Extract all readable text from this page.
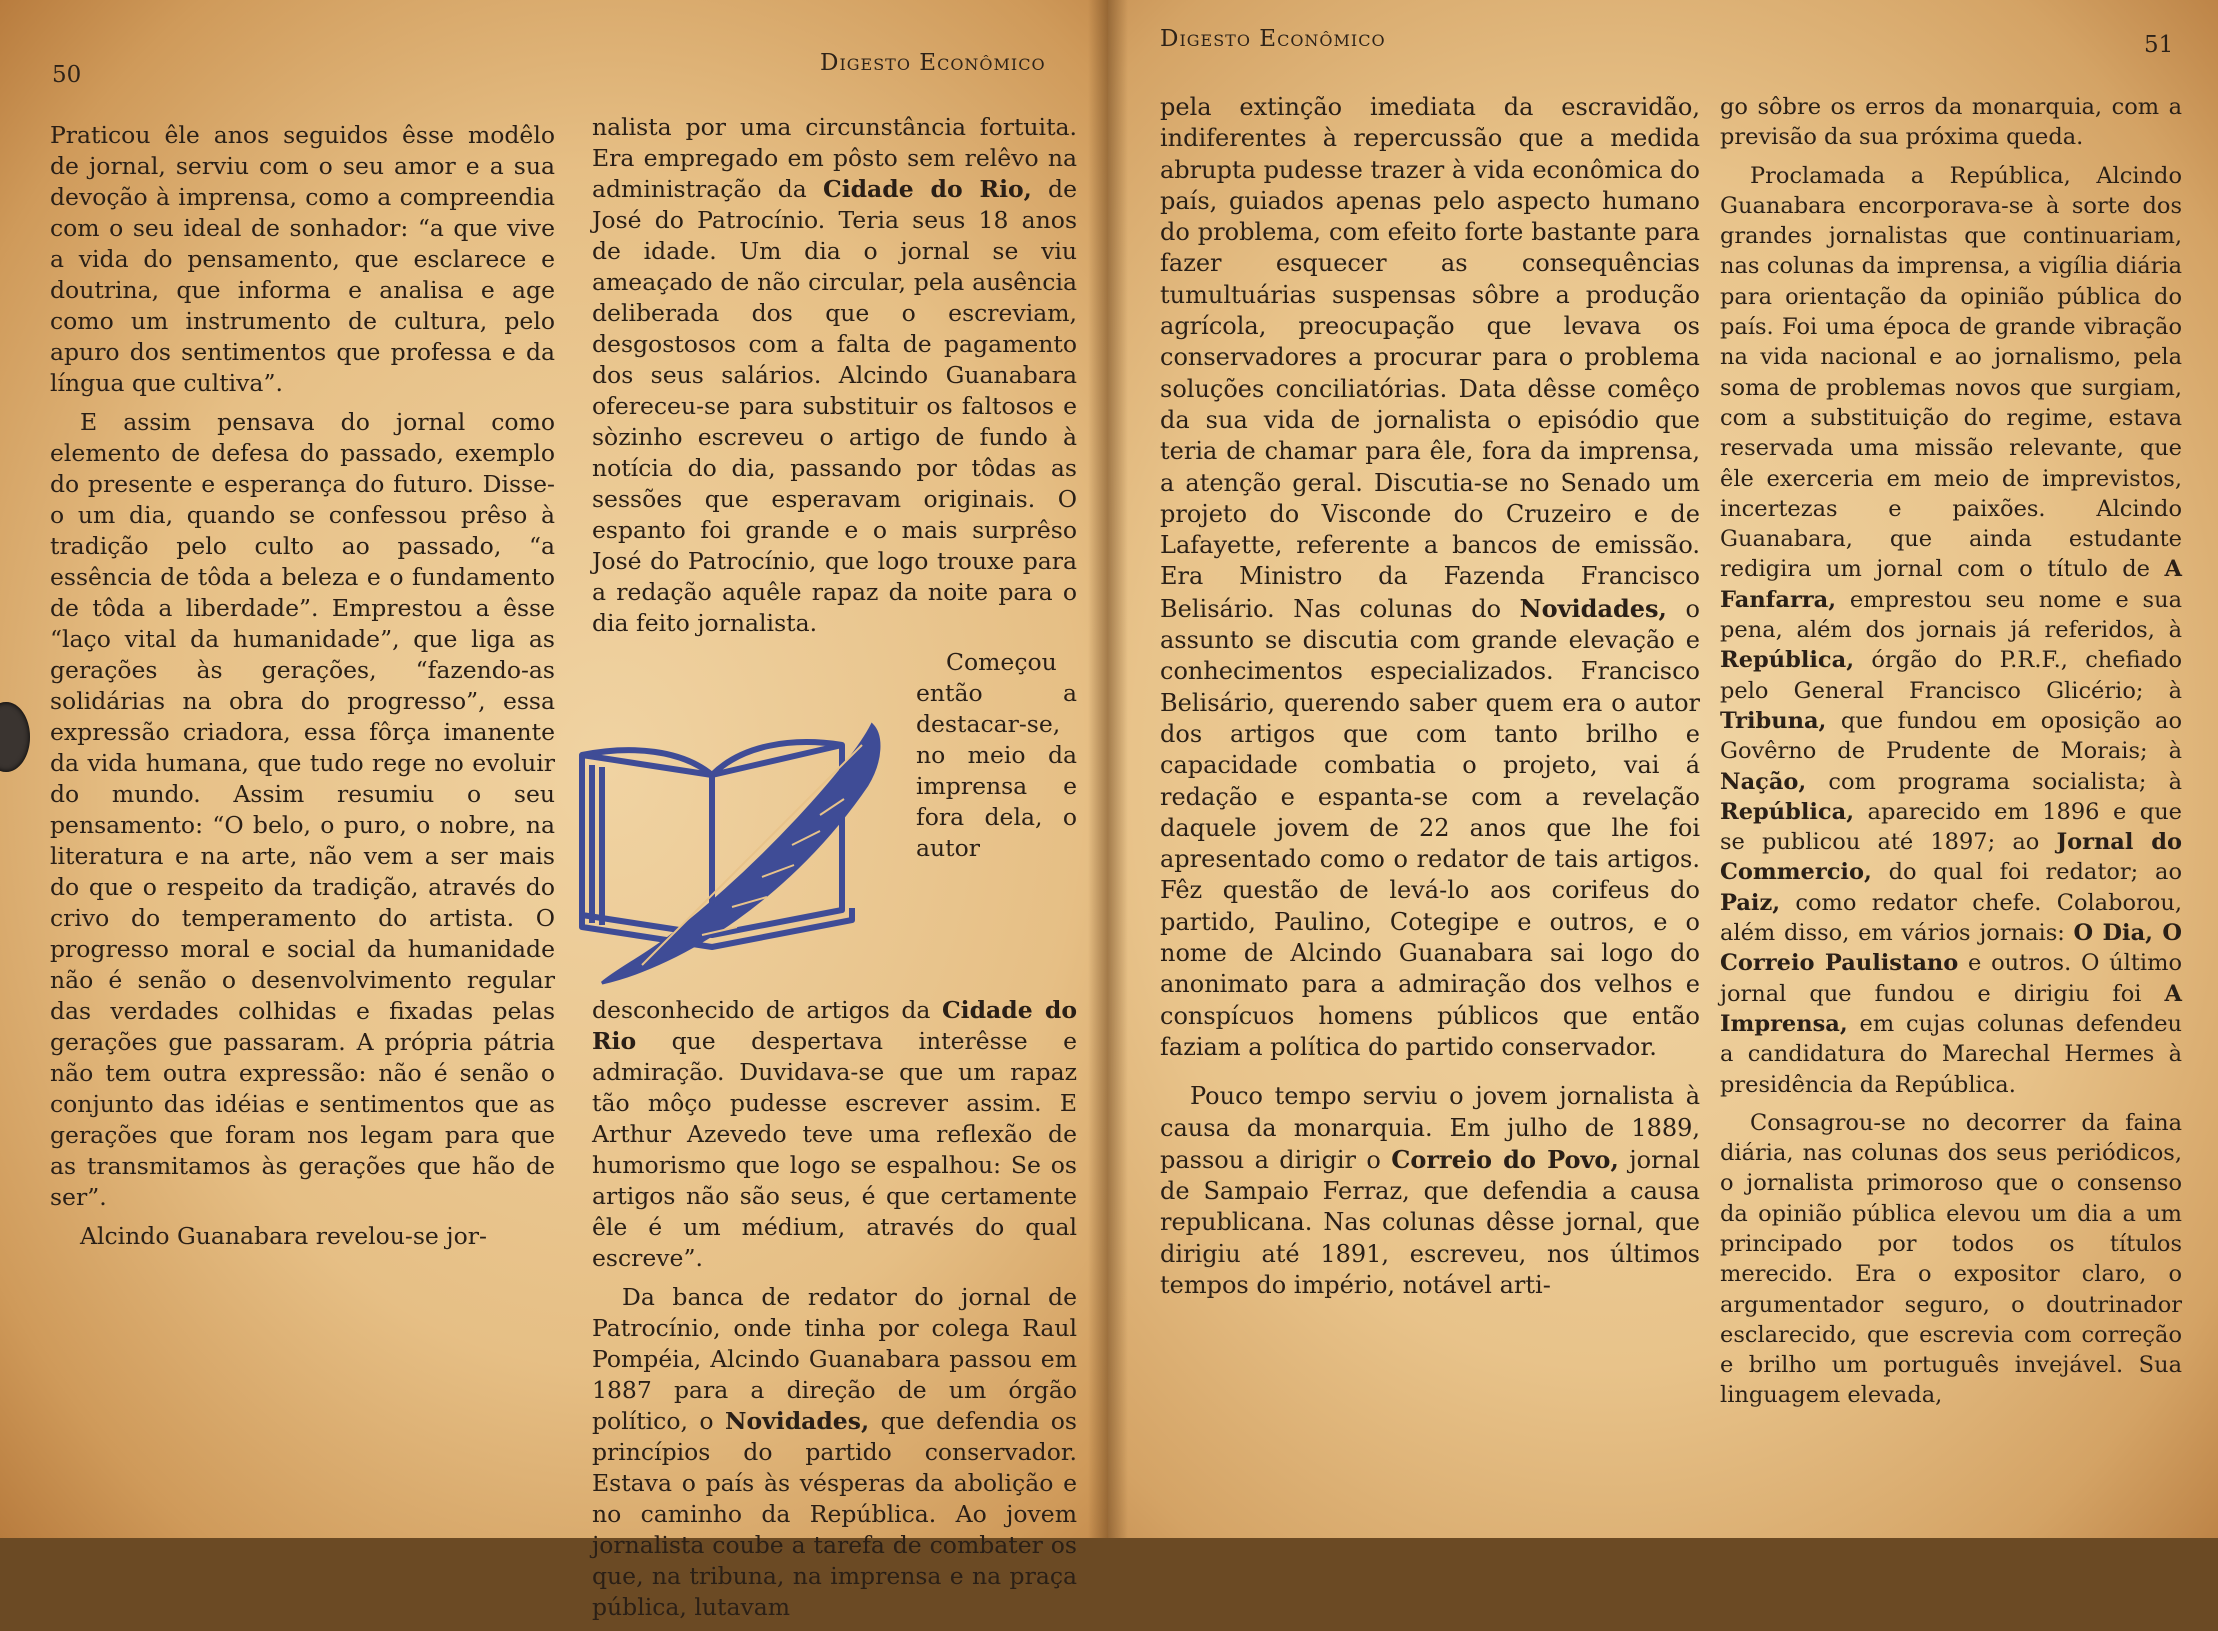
50	Digesto Econômico

Praticou êle anos seguidos êsse modêlo de jornal, serviu com o seu amor e a sua devoção à imprensa, como a compreendia com o seu ideal de sonhador: “a que vive a vida do pensamento, que esclarece e doutrina, que informa e analisa e age como um instrumento de cultura, pelo apuro dos sentimentos que professa e da língua que cultiva”.

E assim pensava do jornal como elemento de defesa do passado, exemplo do presente e esperança do futuro. Disse-o um dia, quando se confessou prêso à tradição pelo culto ao passado, “a essência de tôda a beleza e o fundamento de tôda a liberdade”. Emprestou a êsse “laço vital da humanidade”, que liga as gerações às gerações, “fazendo-as solidárias na obra do progresso”, essa expressão criadora, essa fôrça imanente da vida humana, que tudo rege no evoluir do mundo. Assim resumiu o seu pensamento: “O belo, o puro, o nobre, na literatura e na arte, não vem a ser mais do que o respeito da tradição, através do crivo do temperamento do artista. O progresso moral e social da humanidade não é senão o desenvolvimento regular das verdades colhidas e fixadas pelas gerações gue passaram. A própria pátria não tem outra expressão: não é senão o conjunto das idéias e sentimentos que as gerações que foram nos legam para que as transmitamos às gerações que hão de ser”.

Alcindo Guanabara revelou-se jor-

nalista por uma circunstância fortuita. Era empregado em pôsto sem relêvo na administração da Cidade do Rio, de José do Patrocínio. Teria seus 18 anos de idade. Um dia o jornal se viu ameaçado de não circular, pela ausência deliberada dos que o escreviam, desgostosos com a falta de pagamento dos seus salários. Alcindo Guanabara ofereceu-se para substituir os faltosos e sòzinho escreveu o artigo de fundo à notícia do dia, passando por tôdas as sessões que esperavam originais. O espanto foi grande e o mais surprêso José do Patrocínio, que logo trouxe para a redação aquêle rapaz da noite para o dia feito jornalista.

Começou então a destacar-se, no meio da imprensa e fora dela, o autor desconhecido de artigos da Cidade do Rio que despertava interêsse e admiração. Duvidava-se que um rapaz tão môço pudesse escrever assim. E Arthur Azevedo teve uma reflexão de humorismo que logo se espalhou: Se os artigos não são seus, é que certamente êle é um médium, através do qual escreve”.

Da banca de redator do jornal de Patrocínio, onde tinha por colega Raul Pompéia, Alcindo Guanabara passou em 1887 para a direção de um órgão político, o Novidades, que defendia os princípios do partido conservador. Estava o país às vésperas da abolição e no caminho da República. Ao jovem jornalista coube a tarefa de combater os que, na tribuna, na imprensa e na praça pública, lutavam

Digesto Econômico	51

pela extinção imediata da escravidão, indiferentes à repercussão que a medida abrupta pudesse trazer à vida econômica do país, guiados apenas pelo aspecto humano do problema, com efeito forte bastante para fazer esquecer as consequências tumultuárias suspensas sôbre a produção agrícola, preocupação que levava os conservadores a procurar para o problema soluções conciliatórias. Data dêsse comêço da sua vida de jornalista o episódio que teria de chamar para êle, fora da imprensa, a atenção geral. Discutia-se no Senado um projeto do Visconde do Cruzeiro e de Lafayette, referente a bancos de emissão. Era Ministro da Fazenda Francisco Belisário. Nas colunas do Novidades, o assunto se discutia com grande elevação e conhecimentos especializados. Francisco Belisário, querendo saber quem era o autor dos artigos que com tanto brilho e capacidade combatia o projeto, vai á redação e espanta-se com a revelação daquele jovem de 22 anos que lhe foi apresentado como o redator de tais artigos. Fêz questão de levá-lo aos corifeus do partido, Paulino, Cotegipe e outros, e o nome de Alcindo Guanabara sai logo do anonimato para a admiração dos velhos e conspícuos homens públicos que então faziam a política do partido conservador.

Pouco tempo serviu o jovem jornalista à causa da monarquia. Em julho de 1889, passou a dirigir o Correio do Povo, jornal de Sampaio Ferraz, que defendia a causa republicana. Nas colunas dêsse jornal, que dirigiu até 1891, escreveu, nos últimos tempos do império, notável arti-

go sôbre os erros da monarquia, com a previsão da sua próxima queda.

Proclamada a República, Alcindo Guanabara encorporava-se à sorte dos grandes jornalistas que continuariam, nas colunas da imprensa, a vigília diária para orientação da opinião pública do país. Foi uma época de grande vibração na vida nacional e ao jornalismo, pela soma de problemas novos que surgiam, com a substituição do regime, estava reservada uma missão relevante, que êle exerceria em meio de imprevistos, incertezas e paixões. Alcindo Guanabara, que ainda estudante redigira um jornal com o título de A Fanfarra, emprestou seu nome e sua pena, além dos jornais já referidos, à República, órgão do P.R.F., chefiado pelo General Francisco Glicério; à Tribuna, que fundou em oposição ao Govêrno de Prudente de Morais; à Nação, com programa socialista; à República, aparecido em 1896 e que se publicou até 1897; ao Jornal do Commercio, do qual foi redator; ao Paiz, como redator chefe. Colaborou, além disso, em vários jornais: O Dia, O Correio Paulistano e outros. O último jornal que fundou e dirigiu foi A Imprensa, em cujas colunas defendeu a candidatura do Marechal Hermes à presidência da República.

Consagrou-se no decorrer da faina diária, nas colunas dos seus periódicos, o jornalista primoroso que o consenso da opinião pública elevou um dia a um principado por todos os títulos merecido. Era o expositor claro, o argumentador seguro, o doutrinador esclarecido, que escrevia com correção e brilho um português invejável. Sua linguagem elevada,
